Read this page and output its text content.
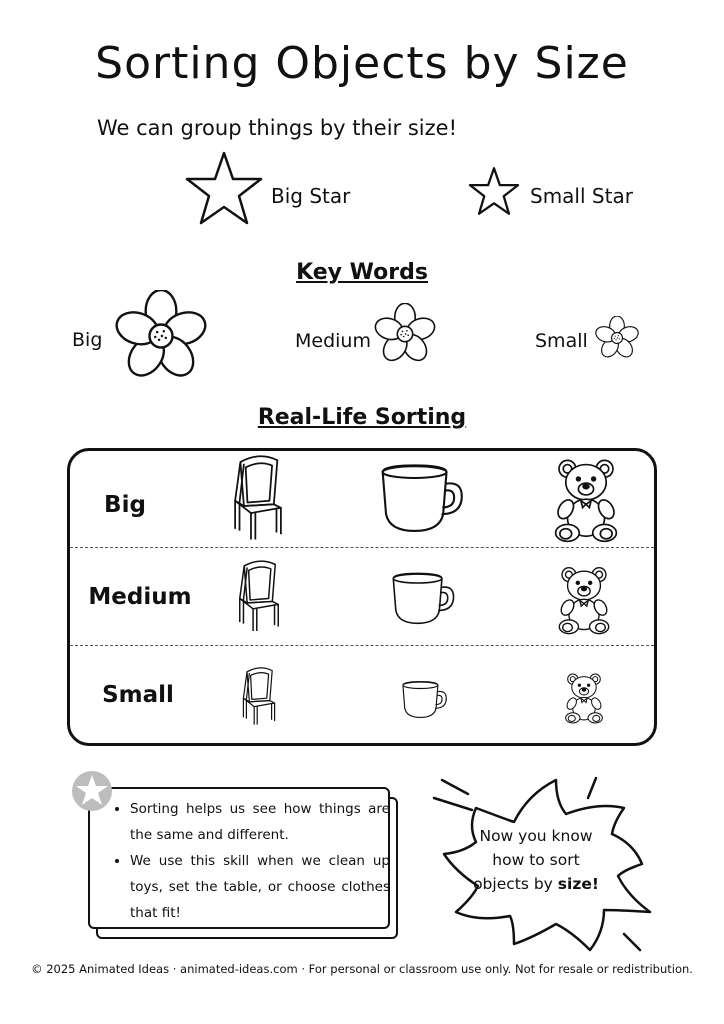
Sorting Objects by Size
We can group things by their size!
Big Star	Small Star
Key Words
Big	Medium	Small
Real-Life Sorting
Big
Medium
Small
• Sorting helps us see how things are the same and different.
• We use this skill when we clean up toys, set the table, or choose clothes that fit!
Now you know how to sort objects by size!
© 2025 Animated Ideas · animated-ideas.com · For personal or classroom use only. Not for resale or redistribution.
